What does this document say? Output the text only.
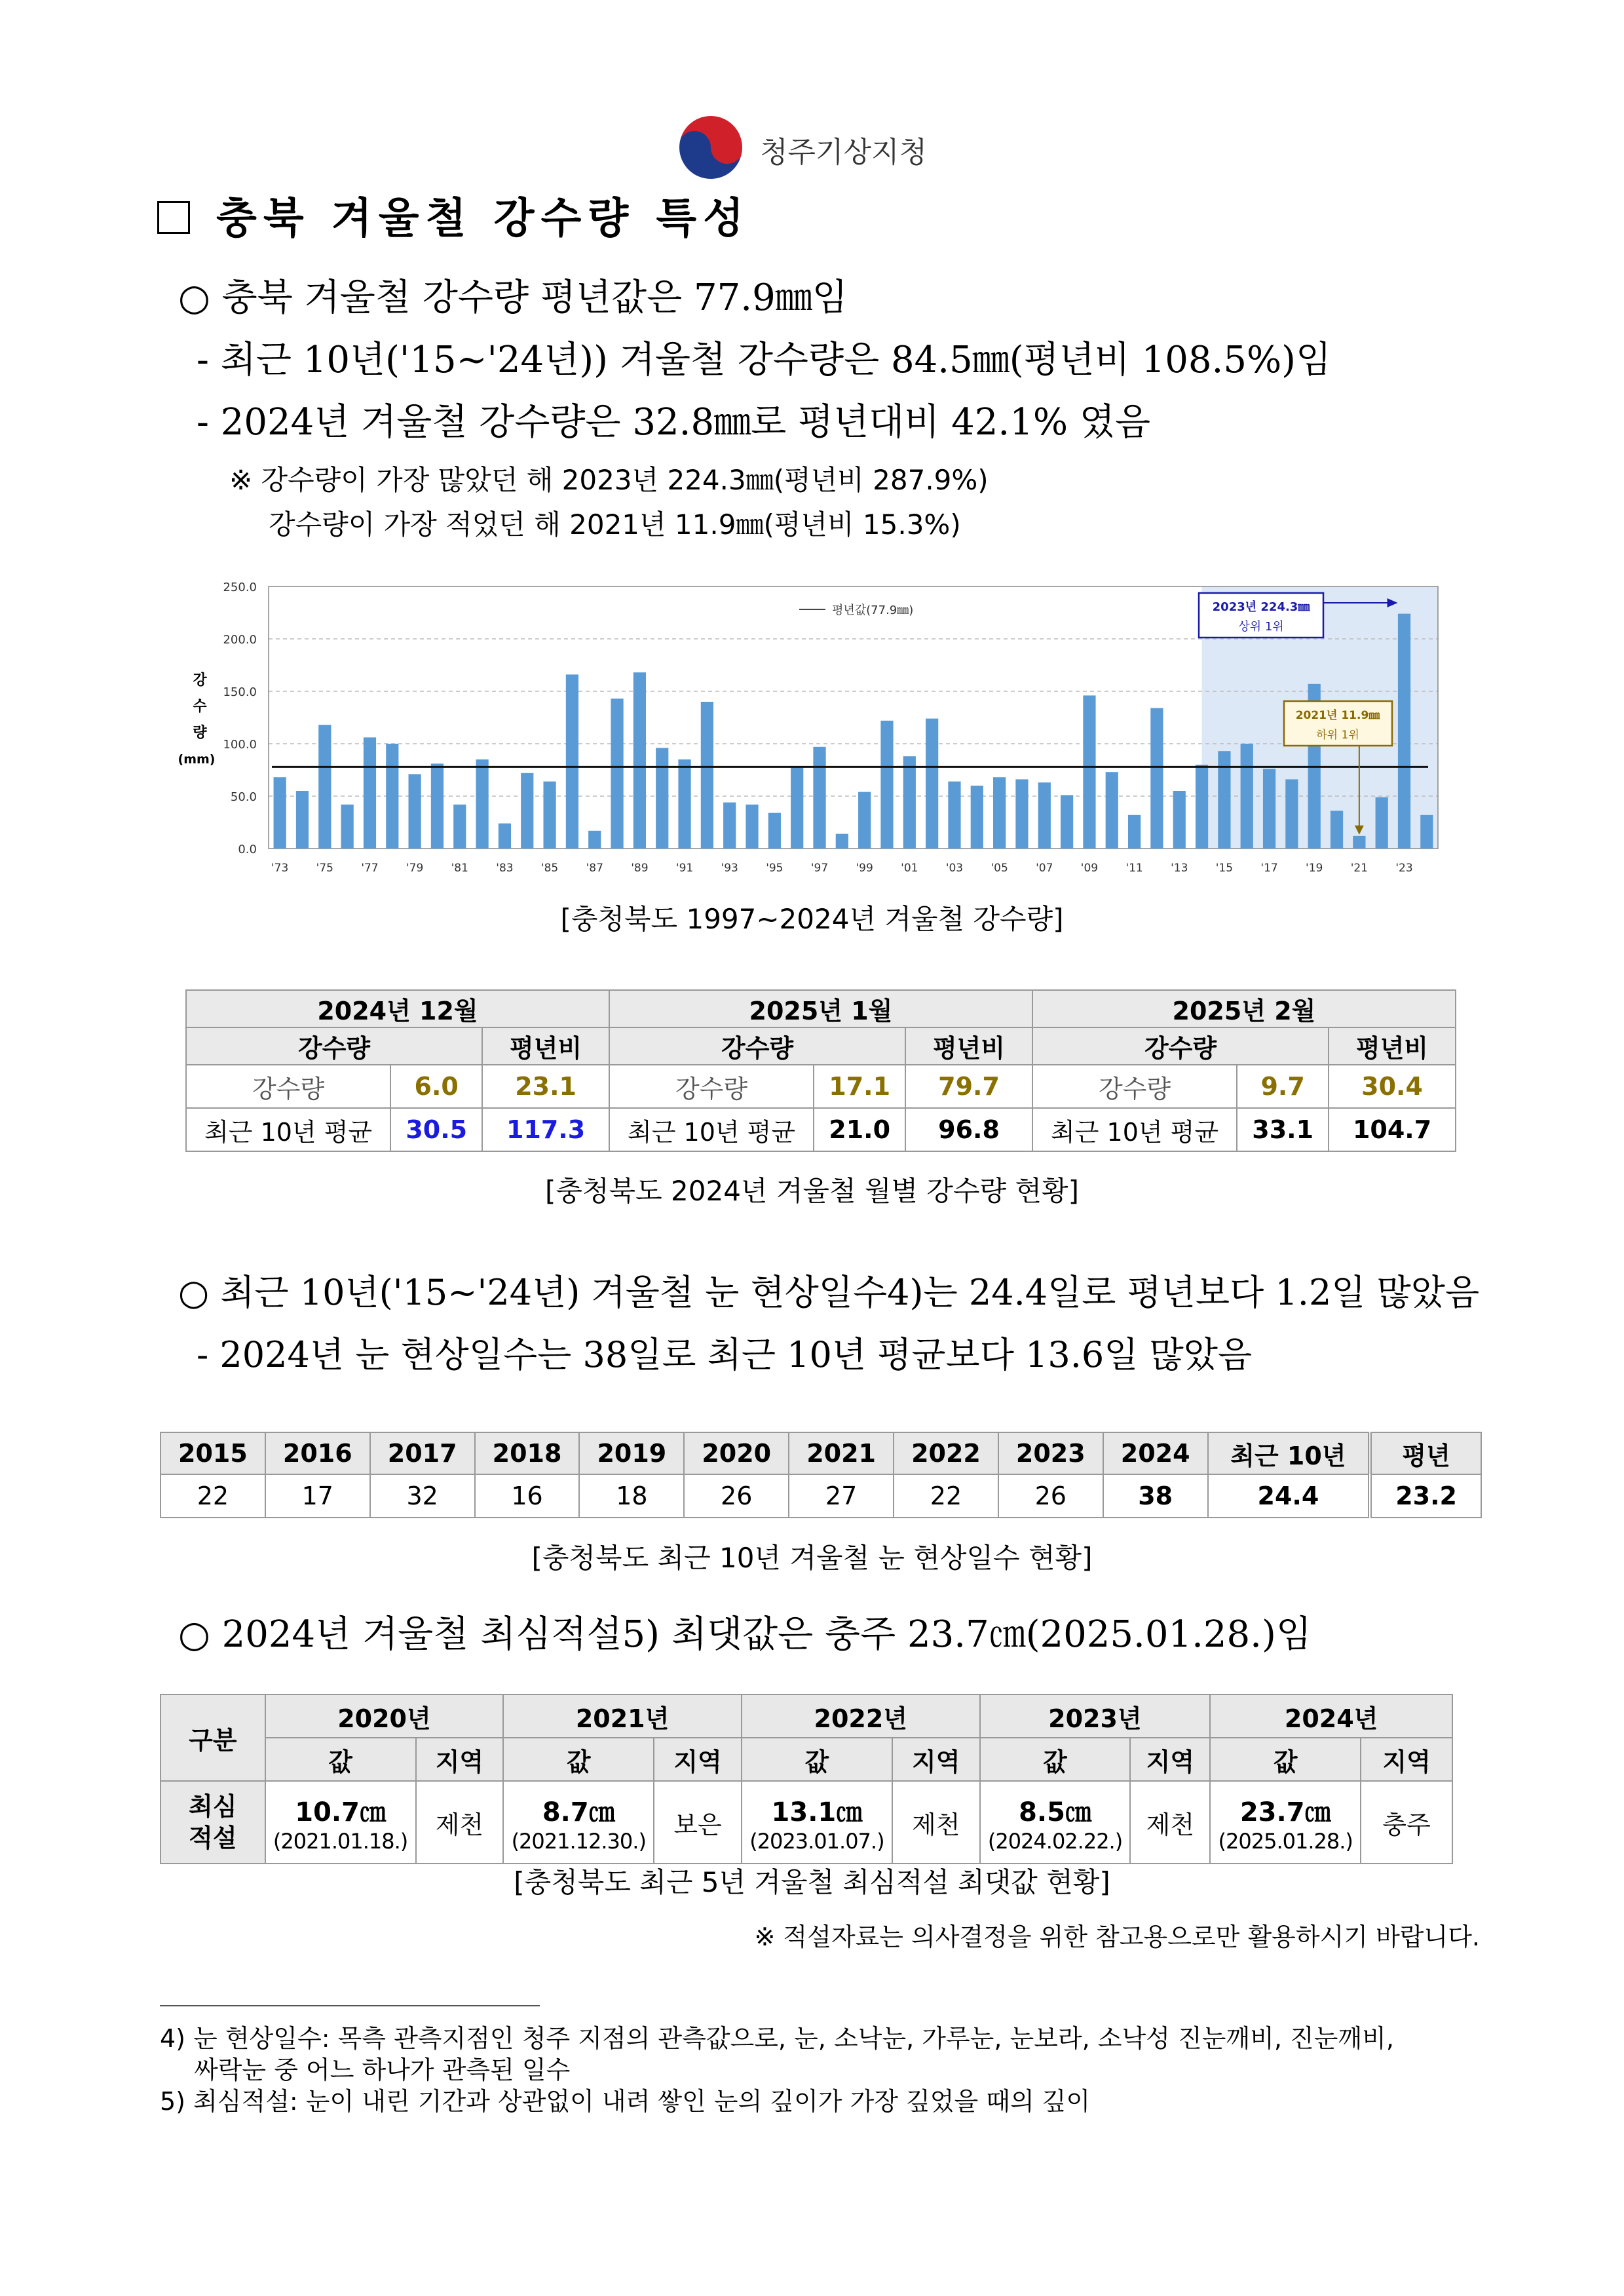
청주기상지청
충북 겨울철 강수량 특성
○ 충북 겨울철 강수량 평년값은 77.9㎜임
- 최근 10년('15~'24년)) 겨울철 강수량은 84.5㎜(평년비 108.5%)임
- 2024년 겨울철 강수량은 32.8㎜로 평년대비 42.1% 였음
※ 강수량이 가장 많았던 해 2023년 224.3㎜(평년비 287.9%)
강수량이 가장 적었던 해 2021년 11.9㎜(평년비 15.3%)
0.0
50.0
100.0
150.0
200.0
250.0
강
수
량
(mm)
'73 '75 '77 '79 '81 '83 '85 '87 '89 '91 '93 '95 '97 '99 '01 '03 '05 '07 '09 '11 '13 '15 '17 '19 '21 '23
평년값(77.9㎜)	2023년 224.3㎜
상위 1위
2021년 11.9㎜
하위 1위
[충청북도 1997~2024년 겨울철 강수량]
2024년 12월			2025년 1월			2025년 2월		
강수량		평년비	강수량		평년비	강수량		평년비
강수량	6.0	23.1	강수량	17.1	79.7	강수량	9.7	30.4
최근 10년 평균	30.5	117.3	최근 10년 평균	21.0	96.8	최근 10년 평균	33.1	104.7
[충청북도 2024년 겨울철 월별 강수량 현황]
○ 최근 10년('15~'24년) 겨울철 눈 현상일수4)는 24.4일로 평년보다 1.2일 많았음
- 2024년 눈 현상일수는 38일로 최근 10년 평균보다 13.6일 많았음
2015	2016	2017	2018	2019	2020	2021	2022	2023	2024	최근 10년	평년
22	17	32	16	18	26	27	22	26	38	24.4	23.2
[충청북도 최근 10년 겨울철 눈 현상일수 현황]
○ 2024년 겨울철 최심적설5) 최댓값은 충주 23.7㎝(2025.01.28.)임
구분	2020년		2021년		2022년		2023년		2024년	
	값	지역	값	지역	값	지역	값	지역	값	지역
최심
적설	10.7㎝
(2021.01.18.)	제천	8.7㎝
(2021.12.30.)	보은	13.1㎝
(2023.01.07.)	제천	8.5㎝
(2024.02.22.)	제천	23.7㎝
(2025.01.28.)	충주
[충청북도 최근 5년 겨울철 최심적설 최댓값 현황]
※ 적설자료는 의사결정을 위한 참고용으로만 활용하시기 바랍니다.
4) 눈 현상일수: 목측 관측지점인 청주 지점의 관측값으로, 눈, 소낙눈, 가루눈, 눈보라, 소낙성 진눈깨비, 진눈깨비,
싸락눈 중 어느 하나가 관측된 일수
5) 최심적설: 눈이 내린 기간과 상관없이 내려 쌓인 눈의 깊이가 가장 깊었을 때의 깊이
